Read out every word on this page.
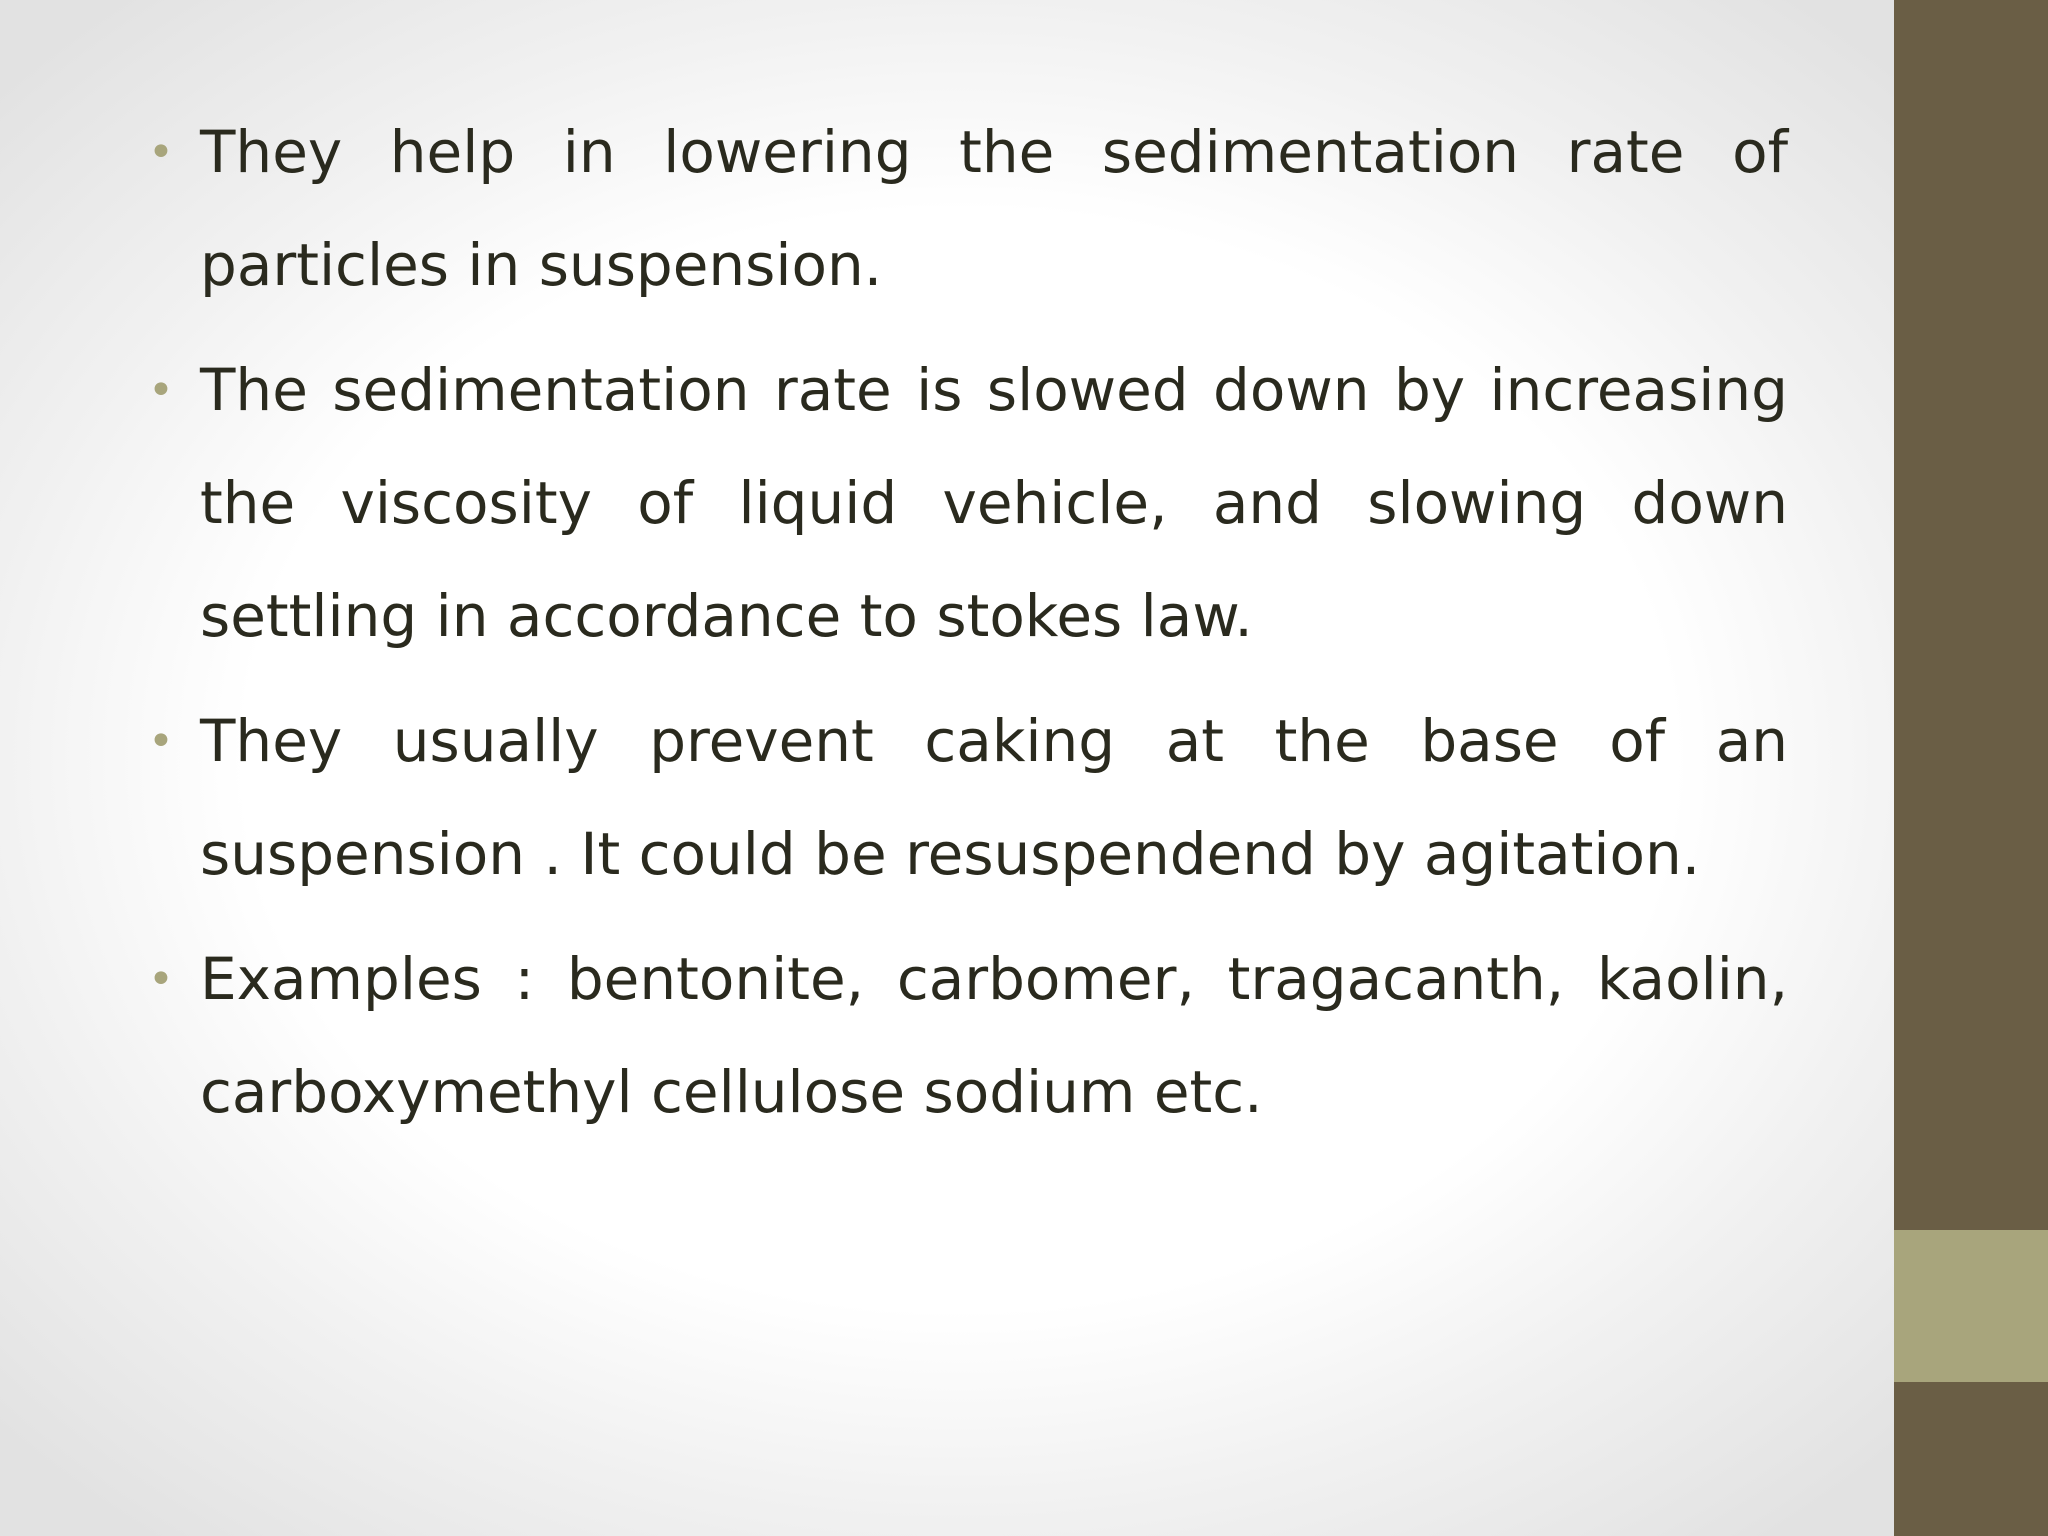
• They help in lowering the sedimentation rate of particles in suspension.
• The sedimentation rate is slowed down by increasing the viscosity of liquid vehicle, and slowing down settling in accordance to stokes law.
• They usually prevent caking at the base of an suspension . It could be resuspendend by agitation.
• Examples : bentonite, carbomer, tragacanth, kaolin, carboxymethyl cellulose sodium etc.
